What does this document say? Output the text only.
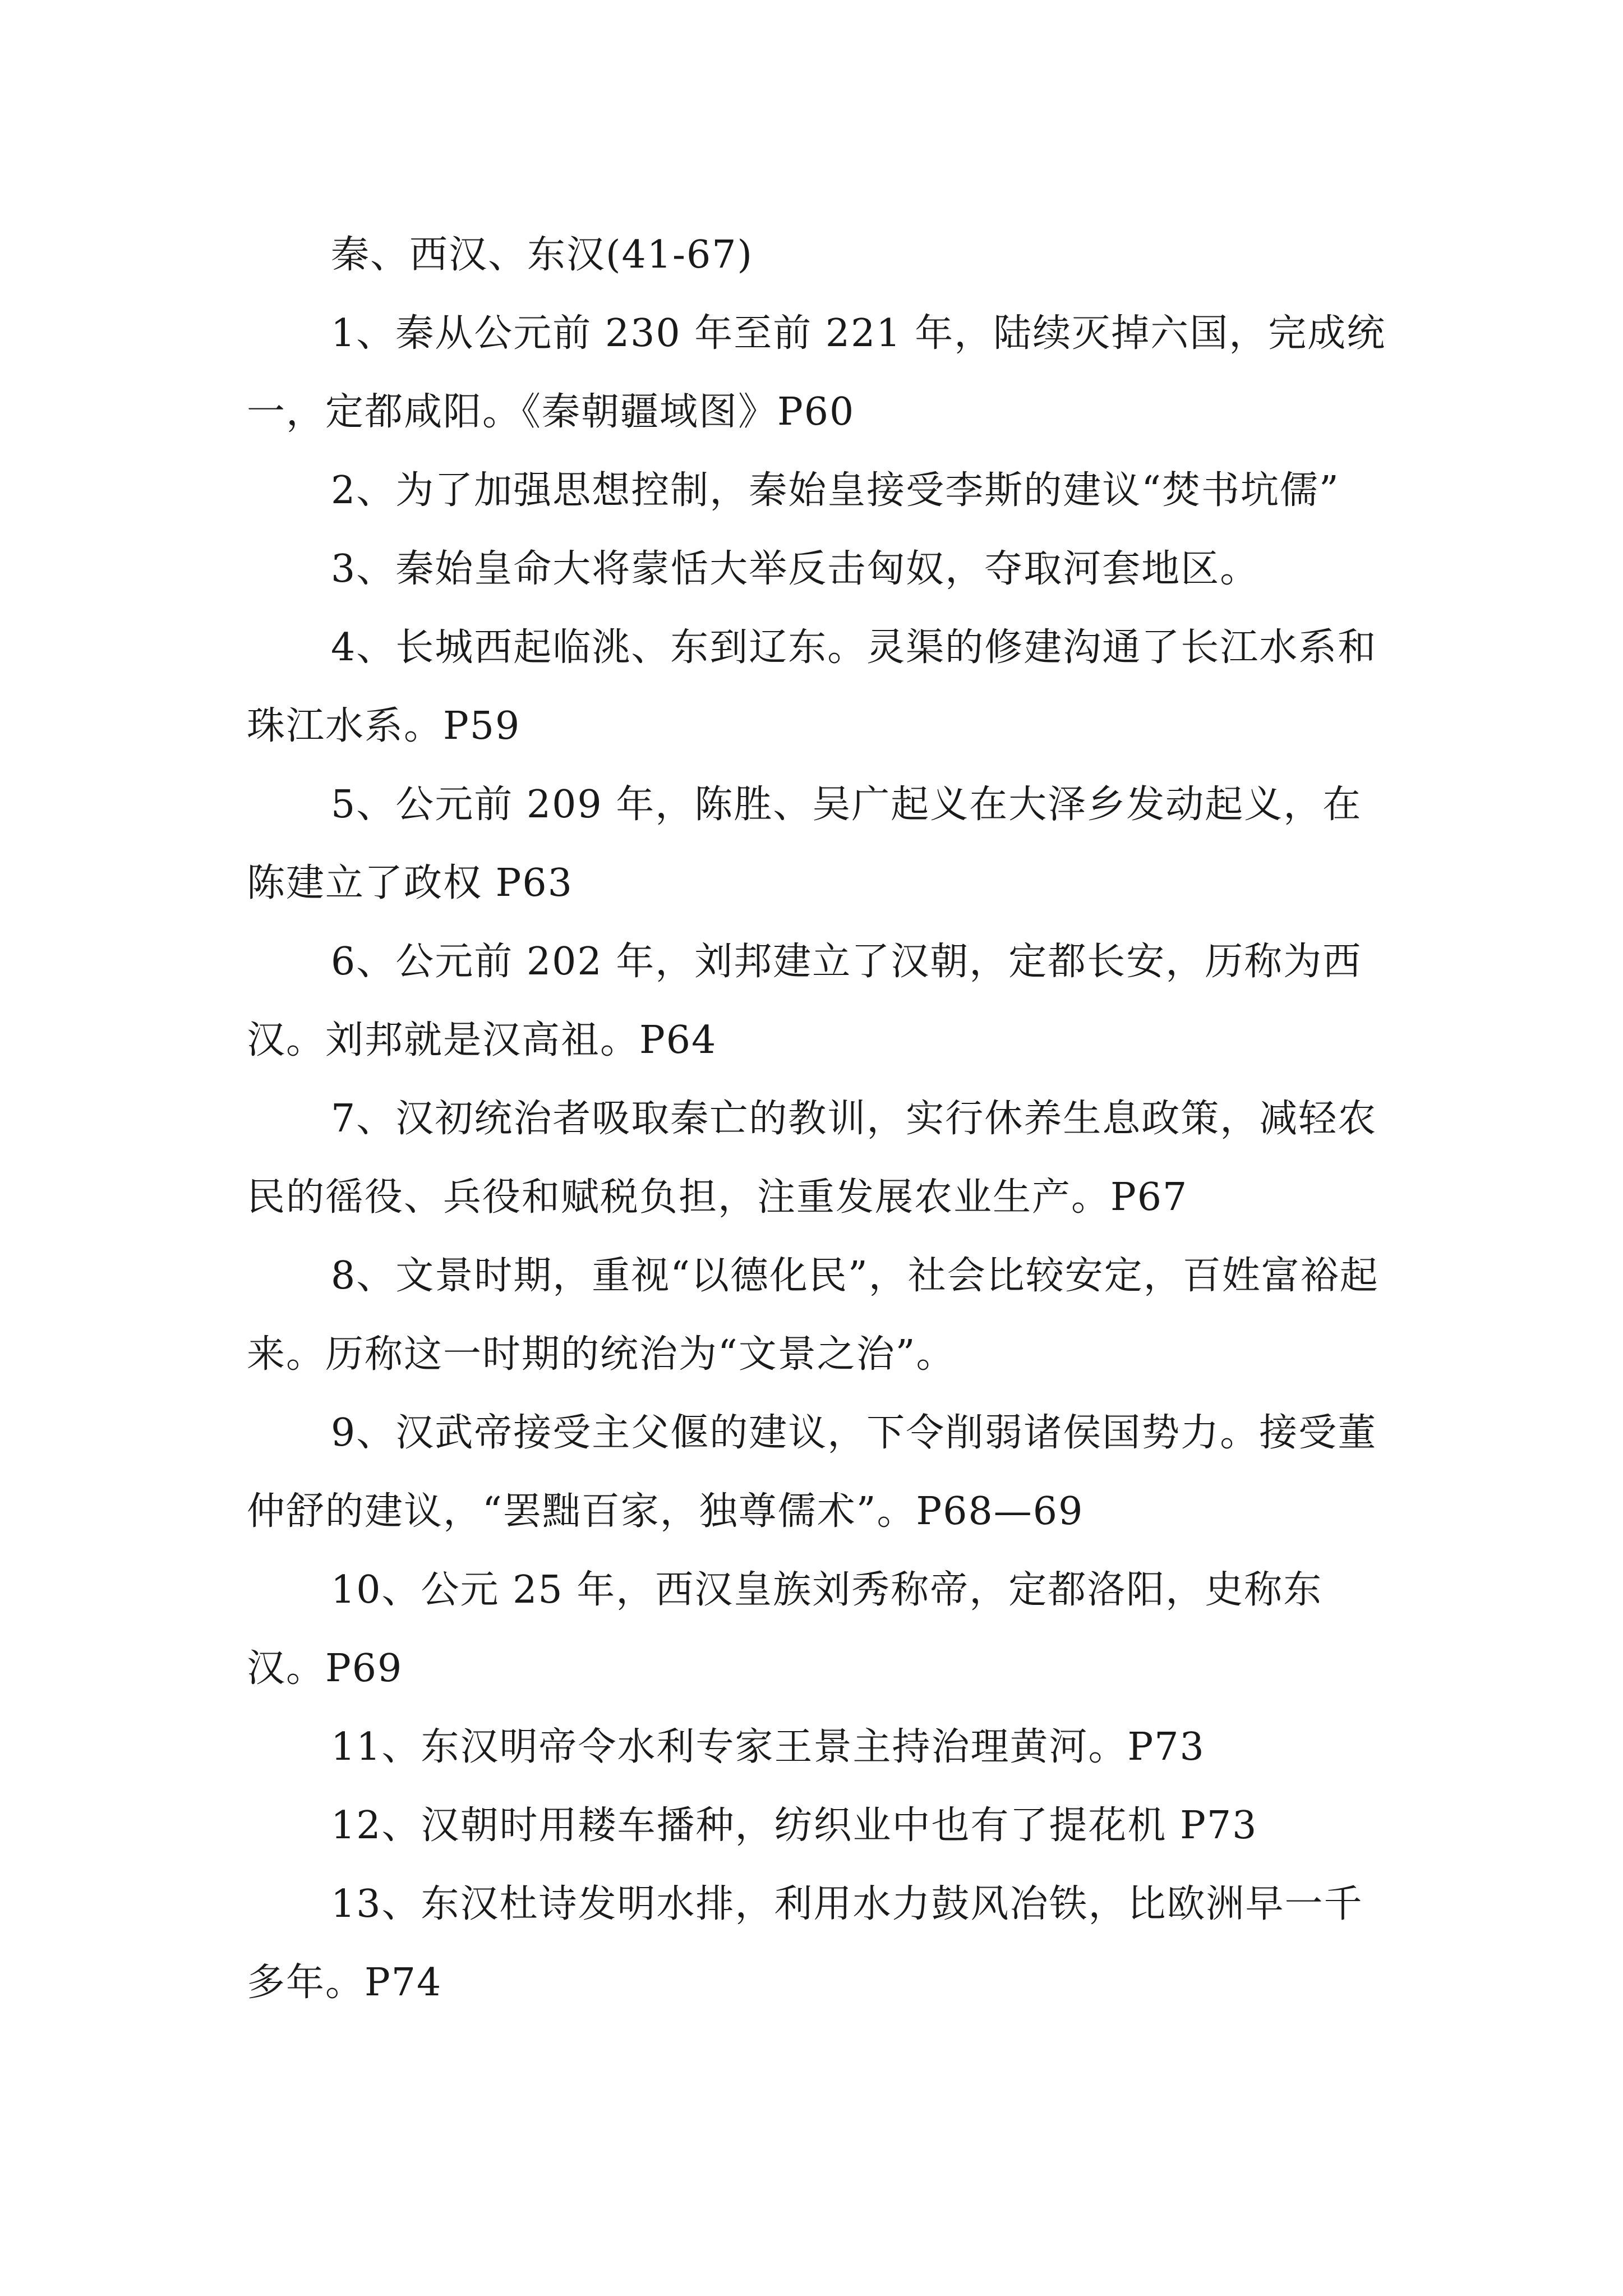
秦、西汉、东汉(41-67)

1、秦从公元前 230 年至前 221 年，陆续灭掉六国，完成统一，定都咸阳。《秦朝疆域图》P60

2、为了加强思想控制，秦始皇接受李斯的建议“焚书坑儒”

3、秦始皇命大将蒙恬大举反击匈奴，夺取河套地区。

4、长城西起临洮、东到辽东。灵渠的修建沟通了长江水系和珠江水系。P59

5、公元前 209 年，陈胜、吴广起义在大泽乡发动起义，在陈建立了政权 P63

6、公元前 202 年，刘邦建立了汉朝，定都长安，历称为西汉。刘邦就是汉高祖。P64

7、汉初统治者吸取秦亡的教训，实行休养生息政策，减轻农民的徭役、兵役和赋税负担，注重发展农业生产。P67

8、文景时期，重视“以德化民”，社会比较安定，百姓富裕起来。历称这一时期的统治为“文景之治”。

9、汉武帝接受主父偃的建议，下令削弱诸侯国势力。接受董仲舒的建议，“罢黜百家，独尊儒术”。P68—69

10、公元 25 年，西汉皇族刘秀称帝，定都洛阳，史称东汉。P69

11、东汉明帝令水利专家王景主持治理黄河。P73

12、汉朝时用耧车播种，纺织业中也有了提花机 P73

13、东汉杜诗发明水排，利用水力鼓风冶铁，比欧洲早一千多年。P74
